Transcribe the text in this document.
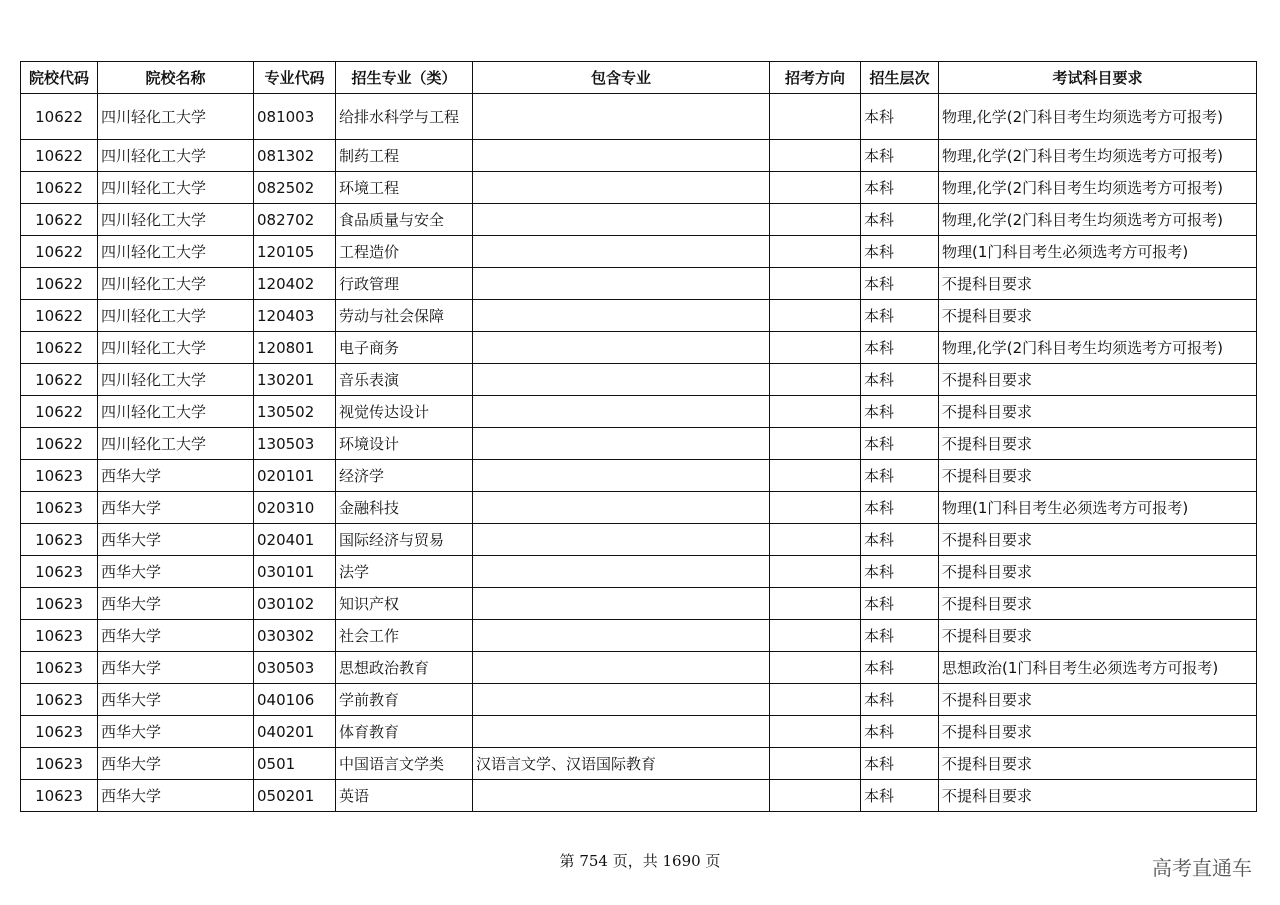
院校代码	院校名称	专业代码	招生专业（类）	包含专业	招考方向	招生层次	考试科目要求
10622	四川轻化工大学	081003	给排水科学与工程			本科	物理,化学(2门科目考生均须选考方可报考)
10622	四川轻化工大学	081302	制药工程			本科	物理,化学(2门科目考生均须选考方可报考)
10622	四川轻化工大学	082502	环境工程			本科	物理,化学(2门科目考生均须选考方可报考)
10622	四川轻化工大学	082702	食品质量与安全			本科	物理,化学(2门科目考生均须选考方可报考)
10622	四川轻化工大学	120105	工程造价			本科	物理(1门科目考生必须选考方可报考)
10622	四川轻化工大学	120402	行政管理			本科	不提科目要求
10622	四川轻化工大学	120403	劳动与社会保障			本科	不提科目要求
10622	四川轻化工大学	120801	电子商务			本科	物理,化学(2门科目考生均须选考方可报考)
10622	四川轻化工大学	130201	音乐表演			本科	不提科目要求
10622	四川轻化工大学	130502	视觉传达设计			本科	不提科目要求
10622	四川轻化工大学	130503	环境设计			本科	不提科目要求
10623	西华大学	020101	经济学			本科	不提科目要求
10623	西华大学	020310	金融科技			本科	物理(1门科目考生必须选考方可报考)
10623	西华大学	020401	国际经济与贸易			本科	不提科目要求
10623	西华大学	030101	法学			本科	不提科目要求
10623	西华大学	030102	知识产权			本科	不提科目要求
10623	西华大学	030302	社会工作			本科	不提科目要求
10623	西华大学	030503	思想政治教育			本科	思想政治(1门科目考生必须选考方可报考)
10623	西华大学	040106	学前教育			本科	不提科目要求
10623	西华大学	040201	体育教育			本科	不提科目要求
10623	西华大学	0501	中国语言文学类	汉语言文学、汉语国际教育		本科	不提科目要求
10623	西华大学	050201	英语			本科	不提科目要求
第 754 页，共 1690 页	高考直通车
